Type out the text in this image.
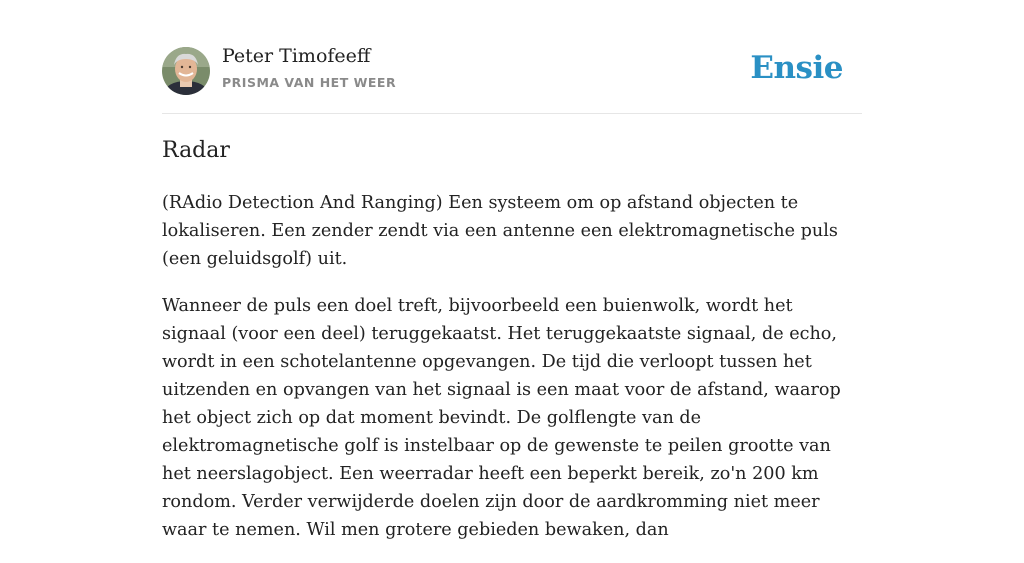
Peter Timofeeff
PRISMA VAN HET WEER	Ensie
Radar

(RAdio Detection And Ranging) Een systeem om op afstand objecten te lokaliseren. Een zender zendt via een antenne een elektromagnetische puls (een geluidsgolf) uit.

Wanneer de puls een doel treft, bijvoorbeeld een buienwolk, wordt het signaal (voor een deel) teruggekaatst. Het teruggekaatste signaal, de echo, wordt in een schotelantenne opgevangen. De tijd die verloopt tussen het uitzenden en opvangen van het signaal is een maat voor de afstand, waarop het object zich op dat moment bevindt. De golflengte van de elektromagnetische golf is instelbaar op de gewenste te peilen grootte van het neerslagobject. Een weerradar heeft een beperkt bereik, zo'n 200 km rondom. Verder verwijderde doelen zijn door de aardkromming niet meer waar te nemen. Wil men grotere gebieden bewaken, dan
